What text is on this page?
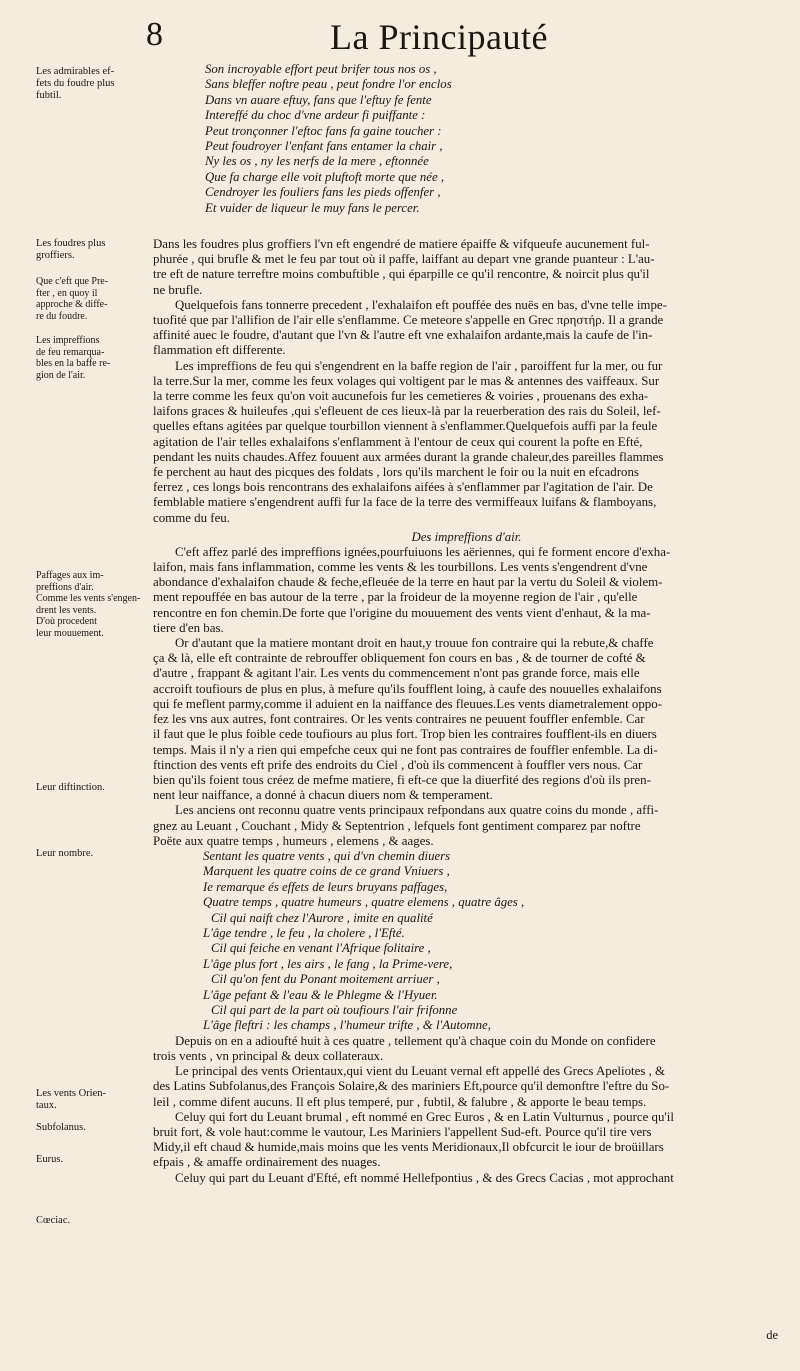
8	La Principauté
Les admirables ef-
fets du foudre plus
fubtil.
Les foudres plus
groffiers.
Que c'eft que Pre-
fter , en quoy il
approche & diffe-
re du foudre.
Les impreffions
de feu remarqua-
bles en la baffe re-
gion de l'air.
Paffages aux im-
preffions d'air.
Comme les vents s'engen-
drent les vents.
D'où procedent
leur mouuement.
Leur diftinction.
Leur nombre.
Les vents Orien-
taux.
Subfolanus.
Eurus.
Cœciac.
Son incroyable effort peut brifer tous nos os ,
Sans bleffer noftre peau , peut fondre l'or enclos
Dans vn auare eftuy, fans que l'eftuy fe fente
Intereffé du choc d'vne ardeur fi puiffante :
Peut tronçonner l'eftoc fans fa gaine toucher :
Peut foudroyer l'enfant fans entamer la chair ,
Ny les os , ny les nerfs de la mere , eftonnée
Que fa charge elle voit pluftoft morte que née ,
Cendroyer les fouliers fans les pieds offenfer ,
Et vuider de liqueur le muy fans le percer.

Dans les foudres plus groffiers l'vn eft engendré de matiere épaiffe & vifqueufe aucunement ful-
phurée , qui brufle & met le feu par tout où il paffe, laiffant au depart vne grande puanteur : L'au-
tre eft de nature terreftre moins combuftible , qui éparpille ce qu'il rencontre, & noircit plus qu'il
ne brufle.

Quelquefois fans tonnerre precedent , l'exhalaifon eft pouffée des nuës en bas, d'vne telle impe-
tuofité que par l'allifion de l'air elle s'enflamme. Ce meteore s'appelle en Grec πρηστήρ. Il a grande
affinité auec le foudre, d'autant que l'vn & l'autre eft vne exhalaifon ardante,mais la caufe de l'in-
flammation eft differente.

Les impreffions de feu qui s'engendrent en la baffe region de l'air , paroiffent fur la mer, ou fur
la terre.Sur la mer, comme les feux volages qui voltigent par le mas & antennes des vaiffeaux. Sur
la terre comme les feux qu'on voit aucunefois fur les cemetieres & voiries , prouenans des exha-
laifons graces & huileufes ,qui s'efleuent de ces lieux-là par la reuerberation des rais du Soleil, lef-
quelles eftans agitées par quelque tourbillon viennent à s'enflammer.Quelquefois auffi par la feule
agitation de l'air telles exhalaifons s'enflamment à l'entour de ceux qui courent la pofte en Efté,
pendant les nuits chaudes.Affez fouuent aux armées durant la grande chaleur,des pareilles flammes
fe perchent au haut des picques des foldats , lors qu'ils marchent le foir ou la nuit en efcadrons
ferrez , ces longs bois rencontrans des exhalaifons aifées à s'enflammer par l'agitation de l'air. De
femblable matiere s'engendrent auffi fur la face de la terre des vermiffeaux luifans & flamboyans,
comme du feu.

Des impreffions d'air.

C'eft affez parlé des impreffions ignées,pourfuiuons les aëriennes, qui fe forment encore d'exha-
laifon, mais fans inflammation, comme les vents & les tourbillons. Les vents s'engendrent d'vne
abondance d'exhalaifon chaude & feche,efleuée de la terre en haut par la vertu du Soleil & violem-
ment repouffée en bas autour de la terre , par la froideur de la moyenne region de l'air , qu'elle
rencontre en fon chemin.De forte que l'origine du mouuement des vents vient d'enhaut, & la ma-
tiere d'en bas.

Or d'autant que la matiere montant droit en haut,y trouue fon contraire qui la rebute,& chaffe
ça & là, elle eft contrainte de rebrouffer obliquement fon cours en bas , & de tourner de cofté &
d'autre , frappant & agitant l'air. Les vents du commencement n'ont pas grande force, mais elle
accroift toufiours de plus en plus, à mefure qu'ils foufflent loing, à caufe des nouuelles exhalaifons
qui fe meflent parmy,comme il aduient en la naiffance des fleuues.Les vents diametralement oppo-
fez les vns aux autres, font contraires. Or les vents contraires ne peuuent fouffler enfemble. Car
il faut que le plus foible cede toufiours au plus fort. Trop bien les contraires foufflent-ils en diuers
temps. Mais il n'y a rien qui empefche ceux qui ne font pas contraires de fouffler enfemble. La di-
ftinction des vents eft prife des endroits du Ciel , d'où ils commencent à fouffler vers nous. Car
bien qu'ils foient tous créez de mefme matiere, fi eft-ce que la diuerfité des regions d'où ils pren-
nent leur naiffance, a donné à chacun diuers nom & temperament.

Les anciens ont reconnu quatre vents principaux refpondans aux quatre coins du monde , affi-
gnez au Leuant , Couchant , Midy & Septentrion , lefquels font gentiment comparez par noftre
Poëte aux quatre temps , humeurs , elemens , & aages.

Sentant les quatre vents , qui d'vn chemin diuers
Marquent les quatre coins de ce grand Vniuers ,
Ie remarque és effets de leurs bruyans paffages,
Quatre temps , quatre humeurs , quatre elemens , quatre âges ,
Cil qui naift chez l'Aurore , imite en qualité
L'âge tendre , le feu , la cholere , l'Efté.
Cil qui feiche en venant l'Afrique folitaire ,
L'âge plus fort , les airs , le fang , la Prime-vere,
Cil qu'on fent du Ponant moitement arriuer ,
L'âge pefant & l'eau & le Phlegme & l'Hyuer.
Cil qui part de la part où toufiours l'air frifonne
L'âge fleftri : les champs , l'humeur trifte , & l'Automne,

Depuis on en a adioufté huit à ces quatre , tellement qu'à chaque coin du Monde on confidere
trois vents , vn principal & deux collateraux.

Le principal des vents Orientaux,qui vient du Leuant vernal eft appellé des Grecs Apeliotes , &
des Latins Subfolanus,des François Solaire,& des mariniers Eft,pource qu'il demonftre l'eftre du So-
leil , comme difent aucuns. Il eft plus temperé, pur , fubtil, & falubre , & apporte le beau temps.

Celuy qui fort du Leuant brumal , eft nommé en Grec Euros , & en Latin Vulturnus , pource qu'il
bruit fort, & vole haut:comme le vautour, Les Mariniers l'appellent Sud-eft. Pource qu'il tire vers
Midy,il eft chaud & humide,mais moins que les vents Meridionaux,Il obfcurcit le iour de broüillars
efpais , & amaffe ordinairement des nuages.

Celuy qui part du Leuant d'Efté, eft nommé Hellefpontius , & des Grecs Cacias , mot approchant

de
